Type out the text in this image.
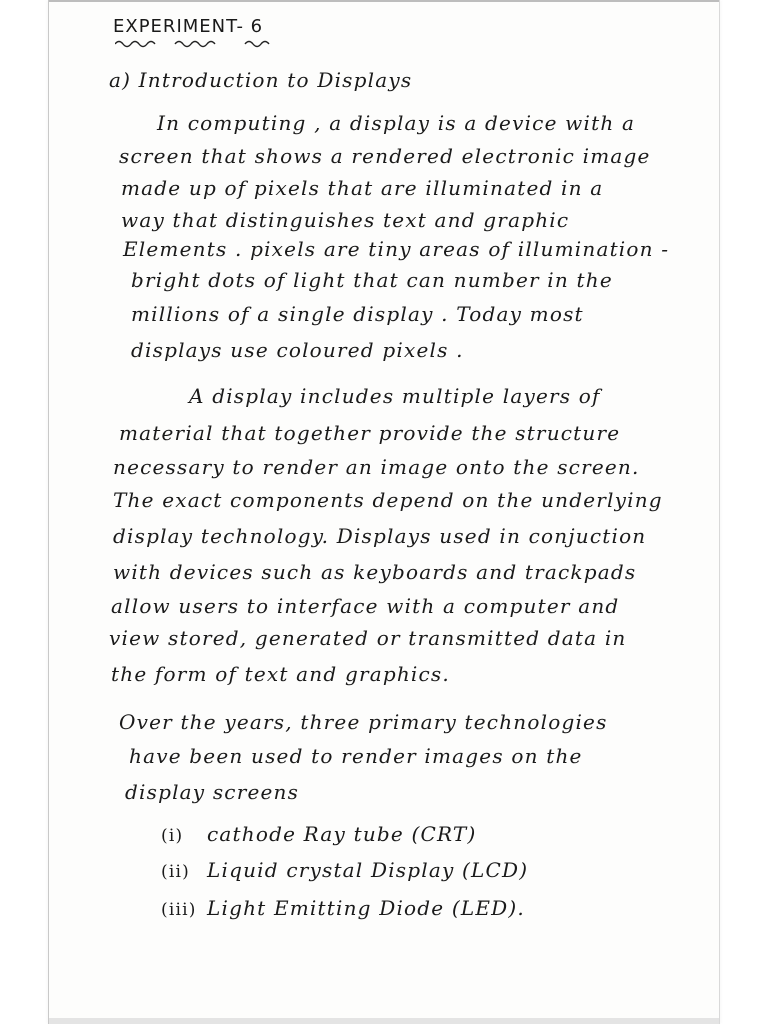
EXPERIMENT- 6
a) Introduction to Displays
In computing , a display is a device with a
screen that shows a rendered electronic image
made up of pixels that are illuminated in a
way that distinguishes text and graphic
Elements . pixels are tiny areas of illumination -
bright dots of light that can number in the
millions of a single display . Today most
displays use coloured pixels .
A display includes multiple layers of
material that together provide the structure
necessary to render an image onto the screen.
The exact components depend on the underlying
display technology. Displays used in conjuction
with devices such as keyboards and trackpads
allow users to interface with a computer and
view stored, generated or transmitted data in
the form of text and graphics.
Over the years, three primary technologies
have been used to render images on the
display screens
(i) cathode Ray tube (CRT)
(ii) Liquid crystal Display (LCD)
(iii) Light Emitting Diode (LED).
